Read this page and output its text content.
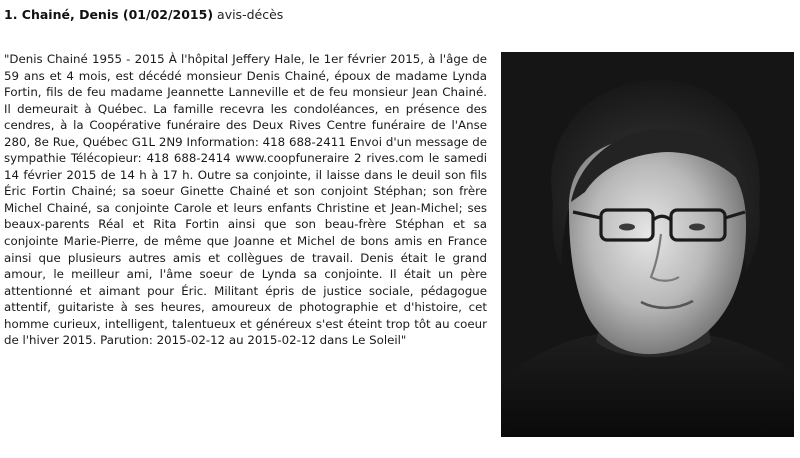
1. Chainé, Denis (01/02/2015) avis-décès

"Denis Chainé 1955 - 2015 À l'hôpital Jeffery Hale, le 1er février 2015, à l'âge de 59 ans et 4 mois, est décédé monsieur Denis Chainé, époux de madame Lynda Fortin, fils de feu madame Jeannette Lanneville et de feu monsieur Jean Chainé. Il demeurait à Québec. La famille recevra les condoléances, en présence des cendres, à la Coopérative funéraire des Deux Rives Centre funéraire de l'Anse 280, 8e Rue, Québec G1L 2N9 Information: 418 688-2411 Envoi d'un message de sympathie Télécopieur: 418 688-2414 www.coopfuneraire 2 rives.com le samedi 14 février 2015 de 14 h à 17 h. Outre sa conjointe, il laisse dans le deuil son fils Éric Fortin Chainé; sa soeur Ginette Chainé et son conjoint Stéphan; son frère Michel Chainé, sa conjointe Carole et leurs enfants Christine et Jean-Michel; ses beaux-parents Réal et Rita Fortin ainsi que son beau-frère Stéphan et sa conjointe Marie-Pierre, de même que Joanne et Michel de bons amis en France ainsi que plusieurs autres amis et collègues de travail. Denis était le grand amour, le meilleur ami, l'âme soeur de Lynda sa conjointe. Il était un père attentionné et aimant pour Éric. Militant épris de justice sociale, pédagogue attentif, guitariste à ses heures, amoureux de photographie et d'histoire, cet homme curieux, intelligent, talentueux et généreux s'est éteint trop tôt au coeur de l'hiver 2015. Parution: 2015-02-12 au 2015-02-12 dans Le Soleil"
